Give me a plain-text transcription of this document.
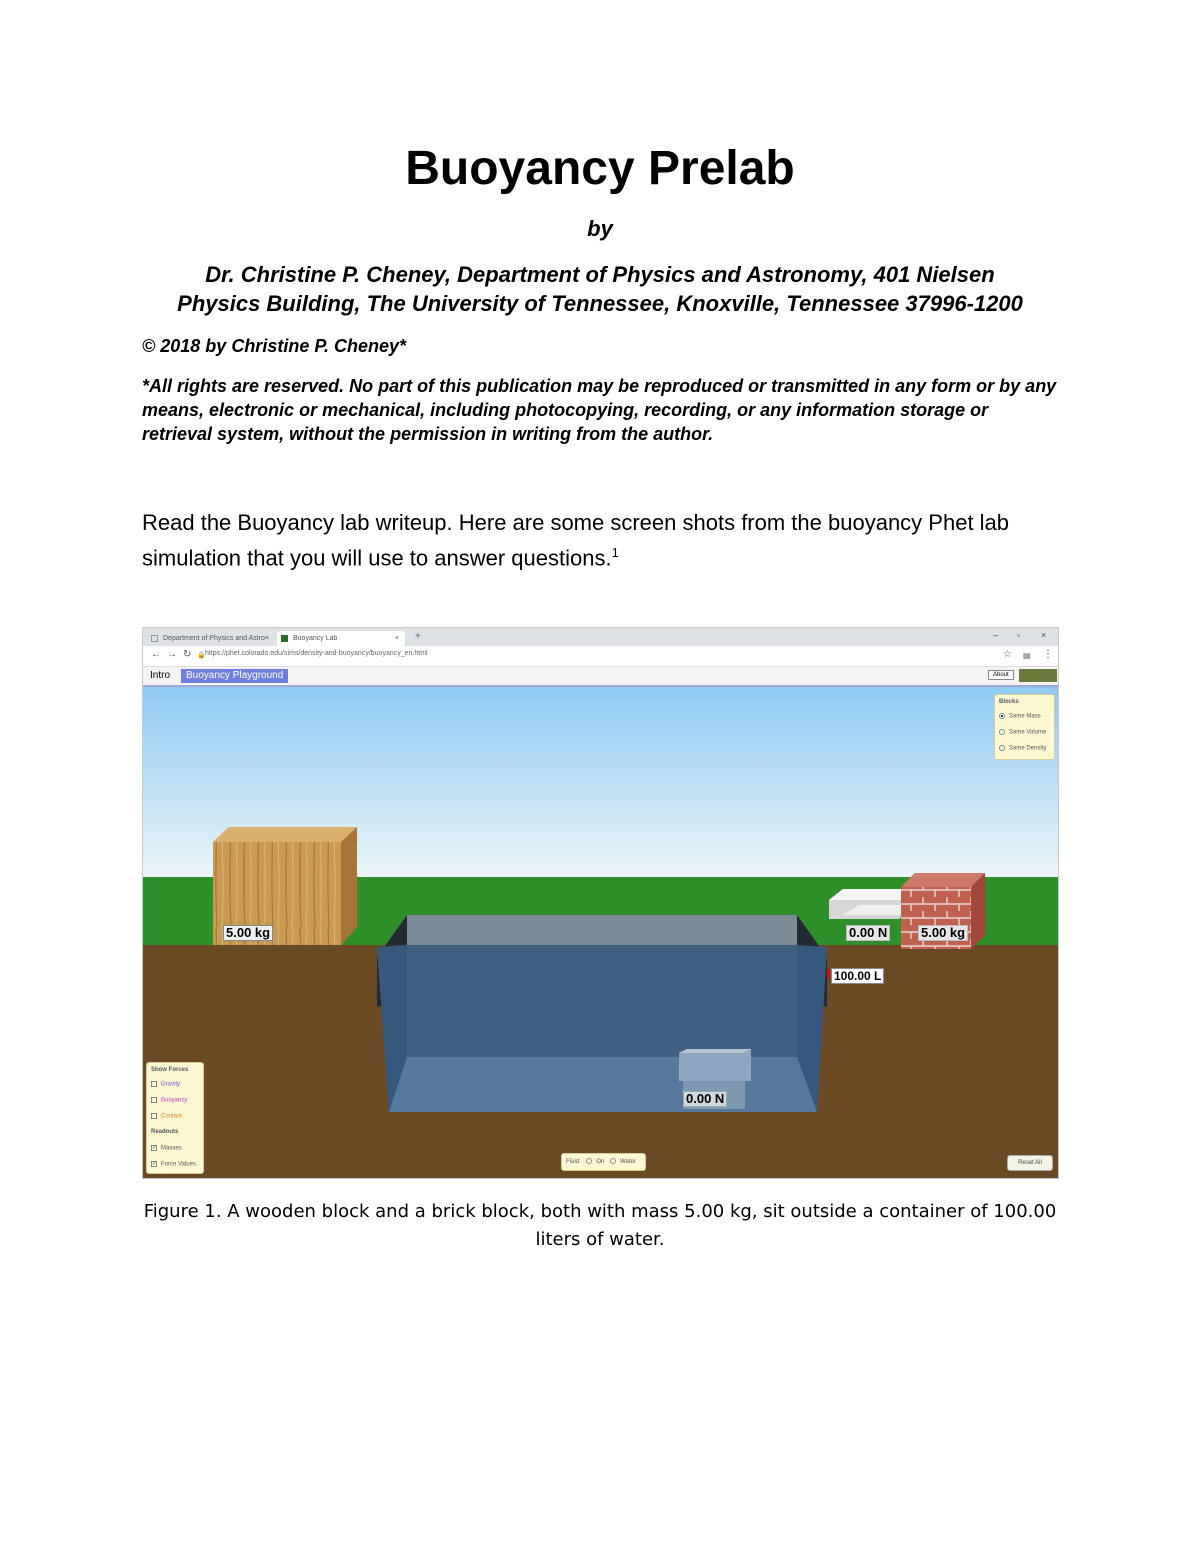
Buoyancy Prelab
by
Dr. Christine P. Cheney, Department of Physics and Astronomy, 401 Nielsen
Physics Building, The University of Tennessee, Knoxville, Tennessee 37996-1200
© 2018 by Christine P. Cheney*
*All rights are reserved. No part of this publication may be reproduced or transmitted in any form or by any means, electronic or mechanical, including photocopying, recording, or any information storage or retrieval system, without the permission in writing from the author.
Read the Buoyancy lab writeup. Here are some screen shots from the buoyancy Phet lab simulation that you will use to answer questions.$^1$
Department of Physics and Astro ×	Buoyancy Lab	× +	– ▫ ×
← → ↻ 🔒 https://phet.colorado.edu/sims/density-and-buoyancy/buoyancy_en.html	☆ ▤ ⋮
Intro	Buoyancy Playground	About
5.00 kg	0.00 N	5.00 kg
100.00 L
0.00 N
Blocks
Same Mass
Same Volume
Same Density
Show Forces
Gravity
Buoyancy
Contact
Readouts
✓ Masses
✓ Force Values	Fluid:	On	Water	Reset All
Figure 1. A wooden block and a brick block, both with mass 5.00 kg, sit outside a container of 100.00
liters of water.
